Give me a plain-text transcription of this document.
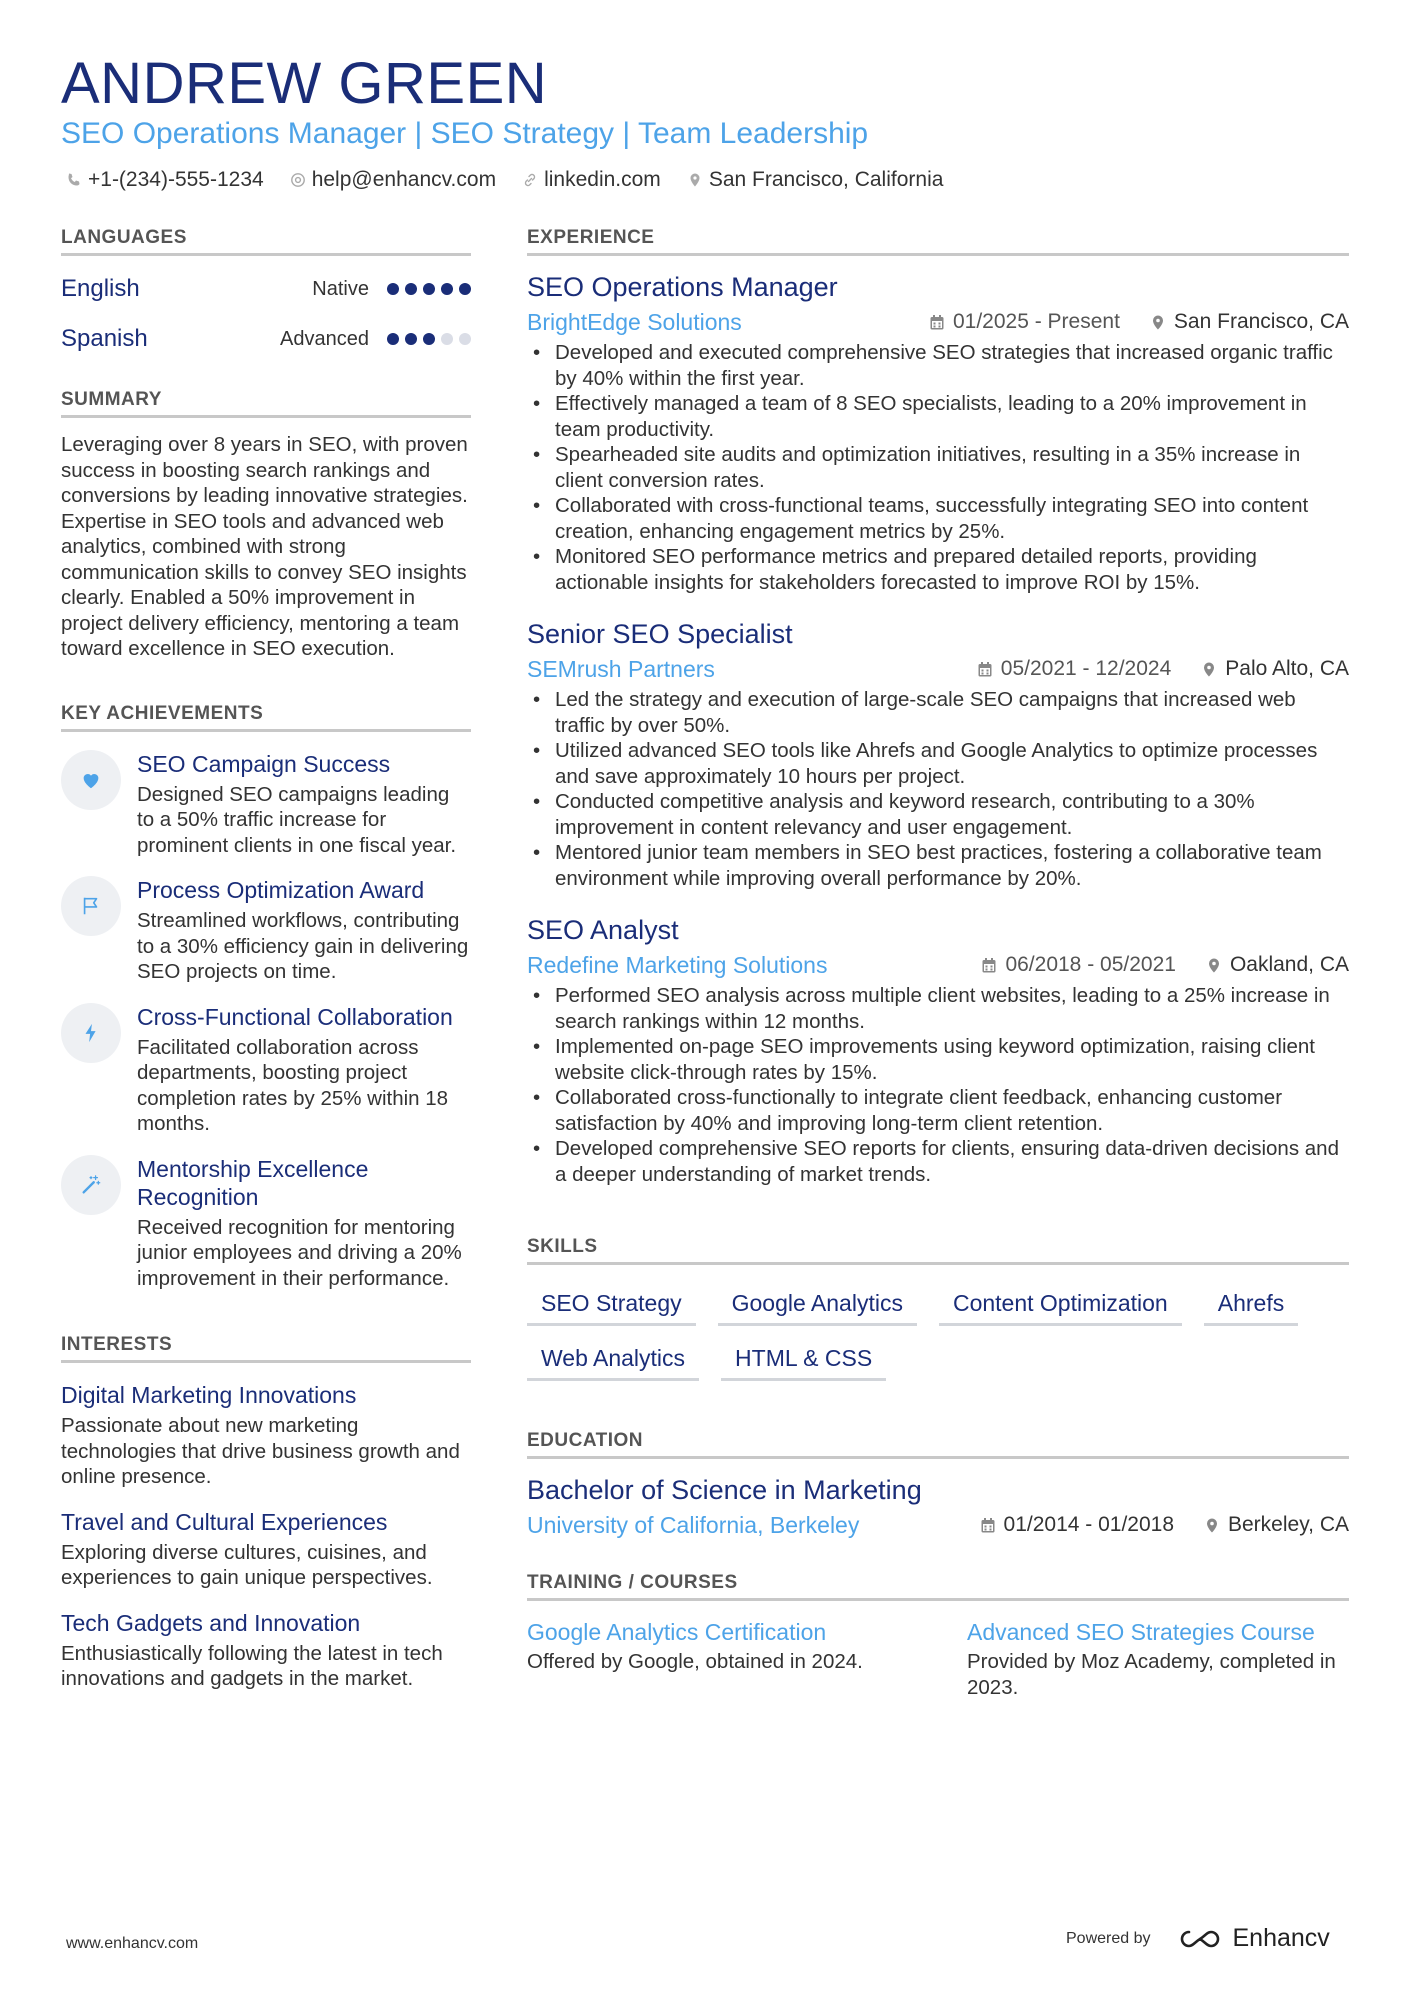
ANDREW GREEN
SEO Operations Manager | SEO Strategy | Team Leadership
+1-(234)-555-1234 help@enhancv.com linkedin.com San Francisco, California
LANGUAGES
English	Native
Spanish	Advanced
SUMMARY

Leveraging over 8 years in SEO, with proven success in boosting search rankings and conversions by leading innovative strategies. Expertise in SEO tools and advanced web analytics, combined with strong communication skills to convey SEO insights clearly. Enabled a 50% improvement in project delivery efficiency, mentoring a team toward excellence in SEO execution.

KEY ACHIEVEMENTS
SEO Campaign Success
Designed SEO campaigns leading to a 50% traffic increase for prominent clients in one fiscal year.
Process Optimization Award
Streamlined workflows, contributing to a 30% efficiency gain in delivering SEO projects on time.
Cross-Functional Collaboration
Facilitated collaboration across departments, boosting project completion rates by 25% within 18 months.
Mentorship Excellence Recognition
Received recognition for mentoring junior employees and driving a 20% improvement in their performance.
INTERESTS
Digital Marketing Innovations
Passionate about new marketing technologies that drive business growth and online presence.
Travel and Cultural Experiences
Exploring diverse cultures, cuisines, and experiences to gain unique perspectives.
Tech Gadgets and Innovation
Enthusiastically following the latest in tech innovations and gadgets in the market.
EXPERIENCE
SEO Operations Manager
BrightEdge Solutions	01/2025 - Present	San Francisco, CA
• Developed and executed comprehensive SEO strategies that increased organic traffic by 40% within the first year.
• Effectively managed a team of 8 SEO specialists, leading to a 20% improvement in team productivity.
• Spearheaded site audits and optimization initiatives, resulting in a 35% increase in client conversion rates.
• Collaborated with cross-functional teams, successfully integrating SEO into content creation, enhancing engagement metrics by 25%.
• Monitored SEO performance metrics and prepared detailed reports, providing actionable insights for stakeholders forecasted to improve ROI by 15%.
Senior SEO Specialist
SEMrush Partners	05/2021 - 12/2024	Palo Alto, CA
• Led the strategy and execution of large-scale SEO campaigns that increased web traffic by over 50%.
• Utilized advanced SEO tools like Ahrefs and Google Analytics to optimize processes and save approximately 10 hours per project.
• Conducted competitive analysis and keyword research, contributing to a 30% improvement in content relevancy and user engagement.
• Mentored junior team members in SEO best practices, fostering a collaborative team environment while improving overall performance by 20%.
SEO Analyst
Redefine Marketing Solutions	06/2018 - 05/2021	Oakland, CA
• Performed SEO analysis across multiple client websites, leading to a 25% increase in search rankings within 12 months.
• Implemented on-page SEO improvements using keyword optimization, raising client website click-through rates by 15%.
• Collaborated cross-functionally to integrate client feedback, enhancing customer satisfaction by 40% and improving long-term client retention.
• Developed comprehensive SEO reports for clients, ensuring data-driven decisions and a deeper understanding of market trends.
SKILLS
SEO Strategy	Google Analytics	Content Optimization	Ahrefs
Web Analytics	HTML & CSS
EDUCATION
Bachelor of Science in Marketing
University of California, Berkeley	01/2014 - 01/2018	Berkeley, CA
TRAINING / COURSES
Google Analytics Certification
Offered by Google, obtained in 2024.
Advanced SEO Strategies Course
Provided by Moz Academy, completed in 2023.
www.enhancv.com	Powered by	Enhancv
